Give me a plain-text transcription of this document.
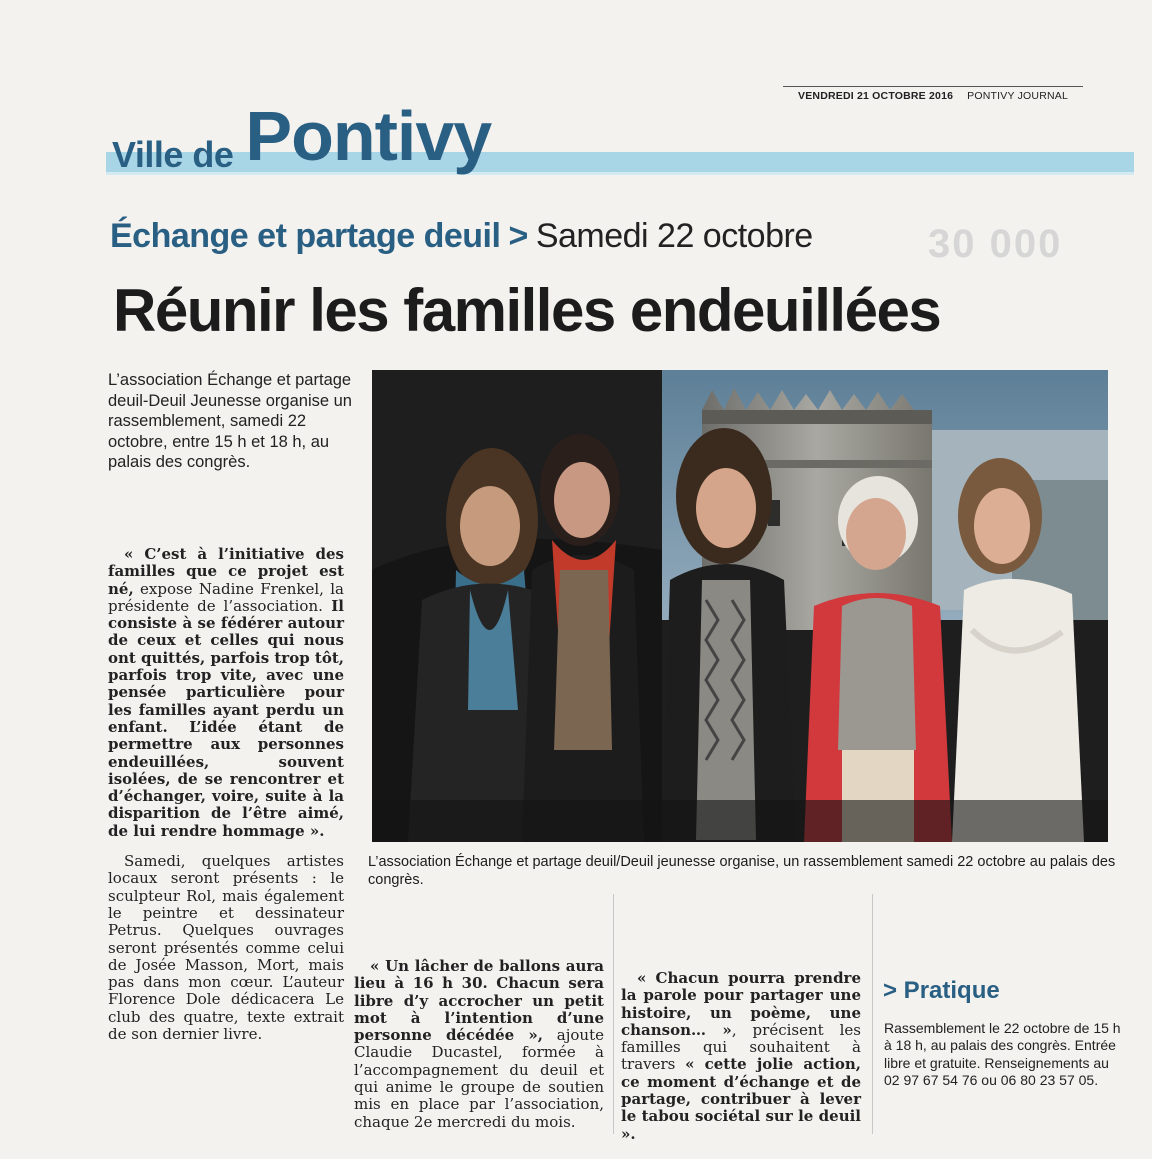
VENDREDI 21 OCTOBRE 2016 PONTIVY JOURNAL
Ville de Pontivy
30 000
Échange et partage deuil > Samedi 22 octobre
Réunir les familles endeuillées

L’association Échange et partage deuil-Deuil Jeunesse organise un rassemblement, samedi 22 octobre, entre 15 h et 18 h, au palais des congrès.

L’association Échange et partage deuil/Deuil jeunesse organise, un rassemblement samedi 22 octobre au palais des congrès.

« C’est à l’initiative des familles que ce projet est né, expose Nadine Frenkel, la présidente de l’association. Il consiste à se fédérer autour de ceux et celles qui nous ont quittés, parfois trop tôt, parfois trop vite, avec une pensée particulière pour les familles ayant perdu un enfant. L’idée étant de permettre aux personnes endeuillées, souvent isolées, de se rencontrer et d’échanger, voire, suite à la disparition de l’être aimé, de lui rendre hommage ».

Samedi, quelques artistes locaux seront présents : le sculpteur Rol, mais également le peintre et dessinateur Petrus. Quelques ouvrages seront présentés comme celui de Josée Masson, Mort, mais pas dans mon cœur. L’auteur Florence Dole dédicacera Le club des quatre, texte extrait de son dernier livre.

« Un lâcher de ballons aura lieu à 16 h 30. Chacun sera libre d’y accrocher un petit mot à l’intention d’une personne décédée », ajoute Claudie Ducastel, formée à l’accompagnement du deuil et qui anime le groupe de soutien mis en place par l’association, chaque 2e mercredi du mois.

« Chacun pourra prendre la parole pour partager une histoire, un poème, une chanson… », précisent les familles qui souhaitent à travers « cette jolie action, ce moment d’échange et de partage, contribuer à lever le tabou sociétal sur le deuil ».

> Pratique

Rassemblement le 22 octobre de 15 h à 18 h, au palais des congrès. Entrée libre et gratuite. Renseignements au 02 97 67 54 76 ou 06 80 23 57 05.
